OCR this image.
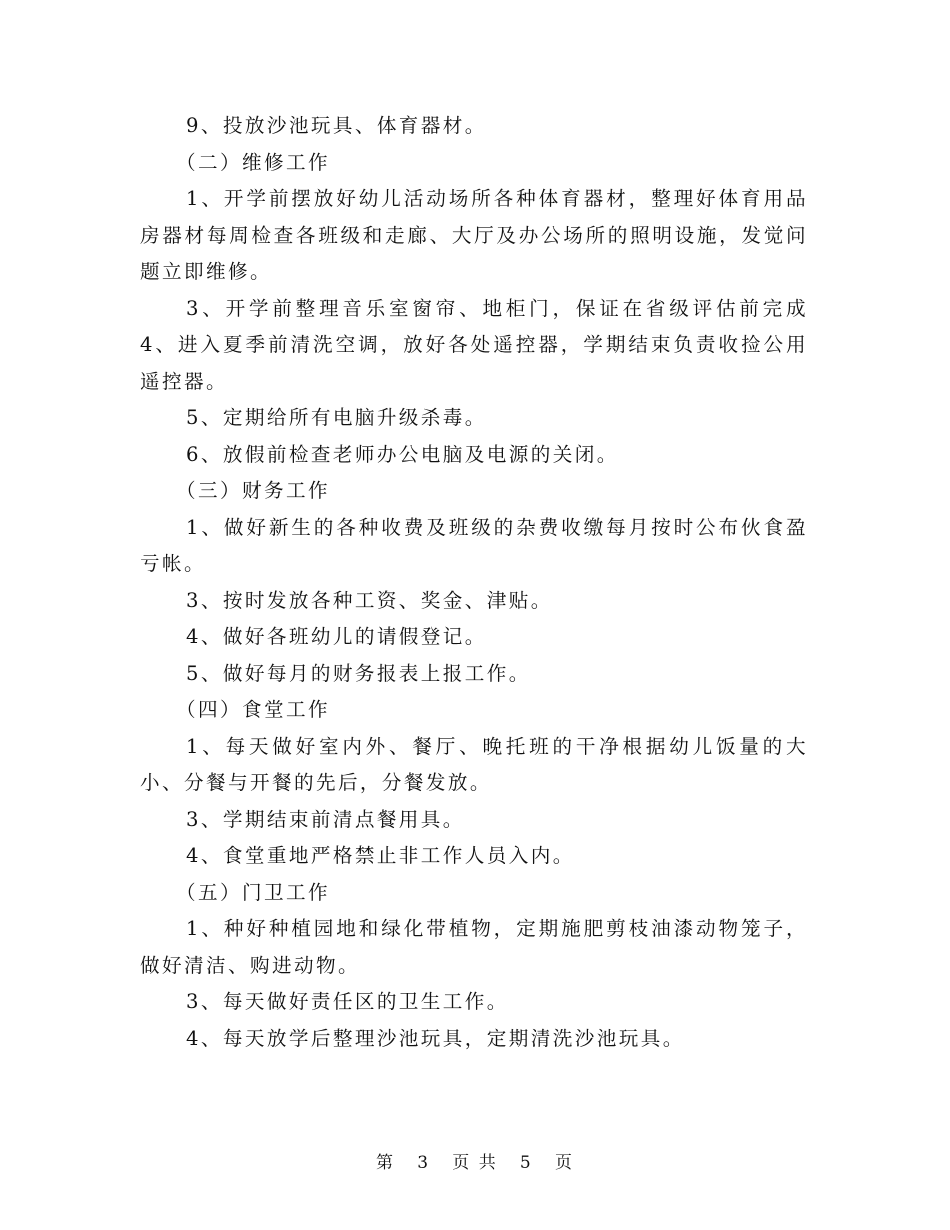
9、投放沙池玩具、体育器材。

（二）维修工作

1、开学前摆放好幼儿活动场所各种体育器材，整理好体育用品房器材每周检查各班级和走廊、大厅及办公场所的照明设施，发觉问题立即维修。

3、开学前整理音乐室窗帘、地柜门，保证在省级评估前完成4、进入夏季前清洗空调，放好各处遥控器，学期结束负责收捡公用遥控器。

5、定期给所有电脑升级杀毒。

6、放假前检查老师办公电脑及电源的关闭。

（三）财务工作

1、做好新生的各种收费及班级的杂费收缴每月按时公布伙食盈亏帐。

3、按时发放各种工资、奖金、津贴。

4、做好各班幼儿的请假登记。

5、做好每月的财务报表上报工作。

（四）食堂工作

1、每天做好室内外、餐厅、晚托班的干净根据幼儿饭量的大小、分餐与开餐的先后，分餐发放。

3、学期结束前清点餐用具。

4、食堂重地严格禁止非工作人员入内。

（五）门卫工作

1、种好种植园地和绿化带植物，定期施肥剪枝油漆动物笼子，做好清洁、购进动物。

3、每天做好责任区的卫生工作。

4、每天放学后整理沙池玩具，定期清洗沙池玩具。

第 3 页 共 5 页
